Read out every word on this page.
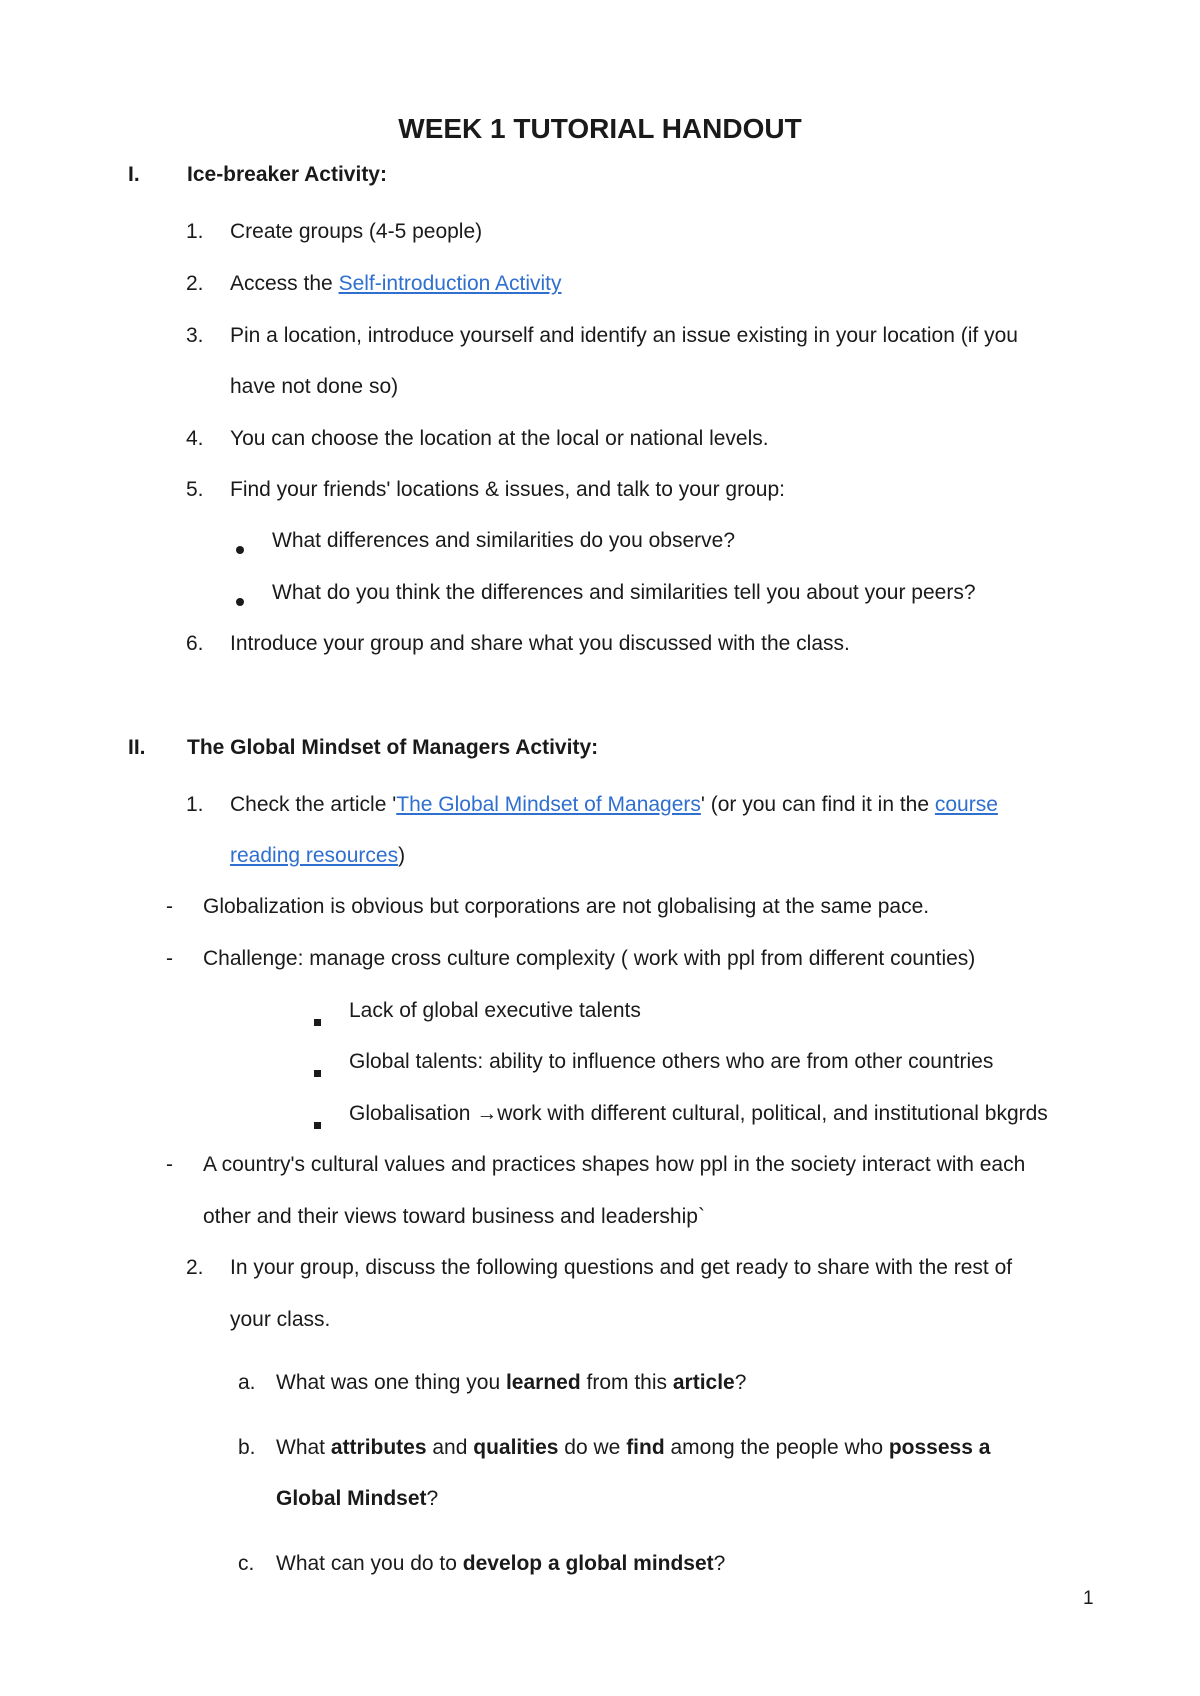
WEEK 1 TUTORIAL HANDOUT
I. Ice-breaker Activity:
1. Create groups (4-5 people)
2. Access the Self-introduction Activity
3. Pin a location, introduce yourself and identify an issue existing in your location (if you
have not done so)
4. You can choose the location at the local or national levels.
5. Find your friends' locations & issues, and talk to your group:
What differences and similarities do you observe?
What do you think the differences and similarities tell you about your peers?
6. Introduce your group and share what you discussed with the class.
II. The Global Mindset of Managers Activity:
1. Check the article 'The Global Mindset of Managers' (or you can find it in the course
reading resources)
- Globalization is obvious but corporations are not globalising at the same pace.
- Challenge: manage cross culture complexity ( work with ppl from different counties)
Lack of global executive talents
Global talents: ability to influence others who are from other countries
Globalisation →work with different cultural, political, and institutional bkgrds
- A country's cultural values and practices shapes how ppl in the society interact with each
other and their views toward business and leadership`
2. In your group, discuss the following questions and get ready to share with the rest of
your class.
a. What was one thing you learned from this article?
b. What attributes and qualities do we find among the people who possess a
Global Mindset?
c. What can you do to develop a global mindset?
1
